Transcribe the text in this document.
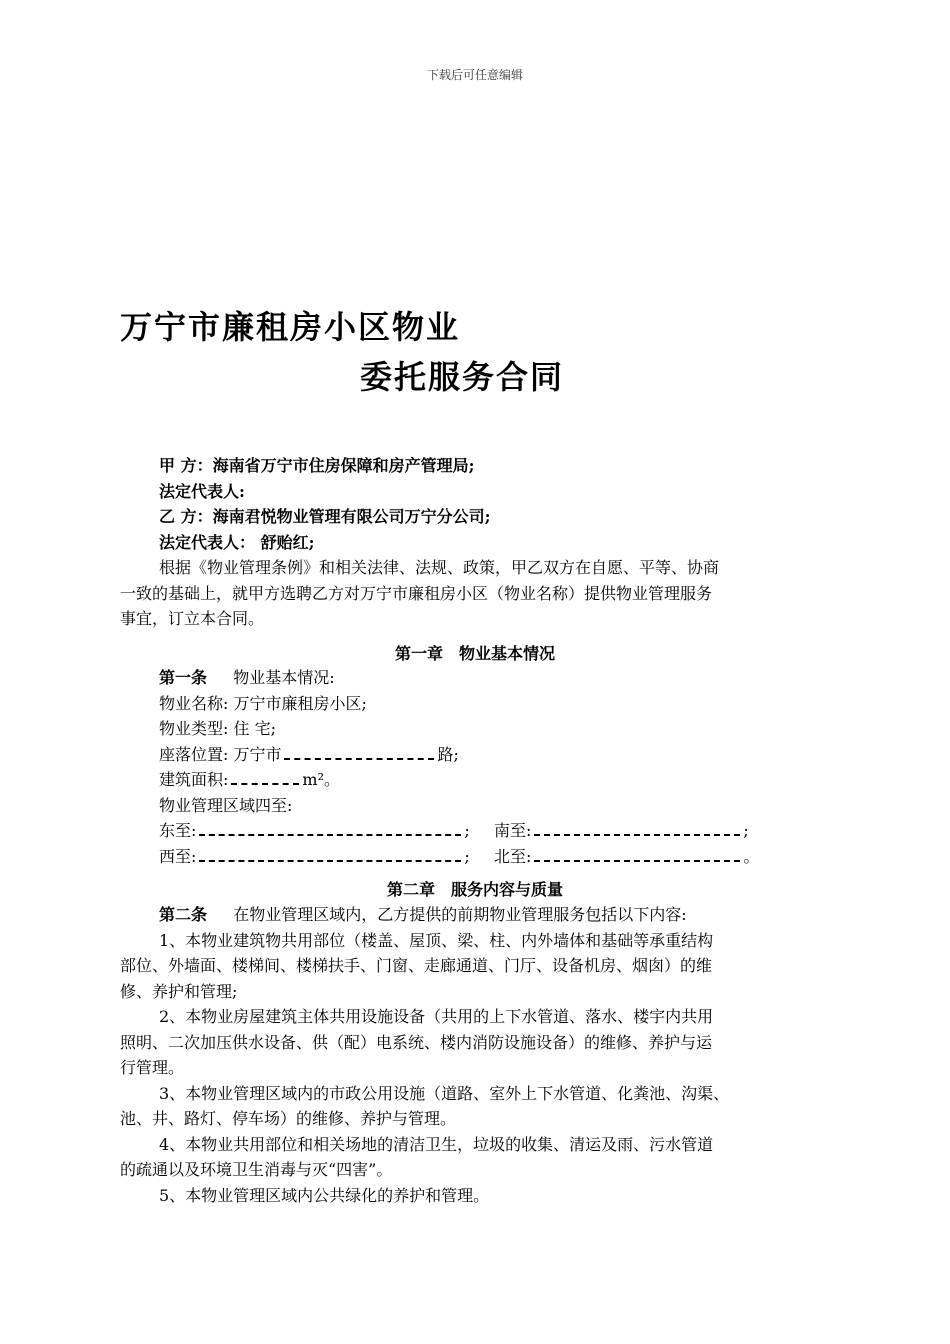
下载后可任意编辑
万宁市廉租房小区物业
委托服务合同
甲 方：海南省万宁市住房保障和房产管理局;
法定代表人:
乙 方：海南君悦物业管理有限公司万宁分公司;
法定代表人： 舒贻红;
根据《物业管理条例》和相关法律、法规、政策，甲乙双方在自愿、平等、协商
一致的基础上，就甲方选聘乙方对万宁市廉租房小区（物业名称）提供物业管理服务
事宜，订立本合同。
第一章　物业基本情况
第一条 物业基本情况:
物业名称: 万宁市廉租房小区;
物业类型: 住 宅;
座落位置: 万宁市	路;
建筑面积:	m²。
物业管理区域四至:
东至:	; 南至:	;
西至:	; 北至:	。
第二章　服务内容与质量
第二条 在物业管理区域内，乙方提供的前期物业管理服务包括以下内容:
1、本物业建筑物共用部位（楼盖、屋顶、梁、柱、内外墙体和基础等承重结构
部位、外墙面、楼梯间、楼梯扶手、门窗、走廊通道、门厅、设备机房、烟囱）的维
修、养护和管理;
2、本物业房屋建筑主体共用设施设备（共用的上下水管道、落水、楼宇内共用
照明、二次加压供水设备、供（配）电系统、楼内消防设施设备）的维修、养护与运
行管理。
3、本物业管理区域内的市政公用设施（道路、室外上下水管道、化粪池、沟渠、
池、井、路灯、停车场）的维修、养护与管理。
4、本物业共用部位和相关场地的清洁卫生，垃圾的收集、清运及雨、污水管道
的疏通以及环境卫生消毒与灭“四害”。
5、本物业管理区域内公共绿化的养护和管理。
